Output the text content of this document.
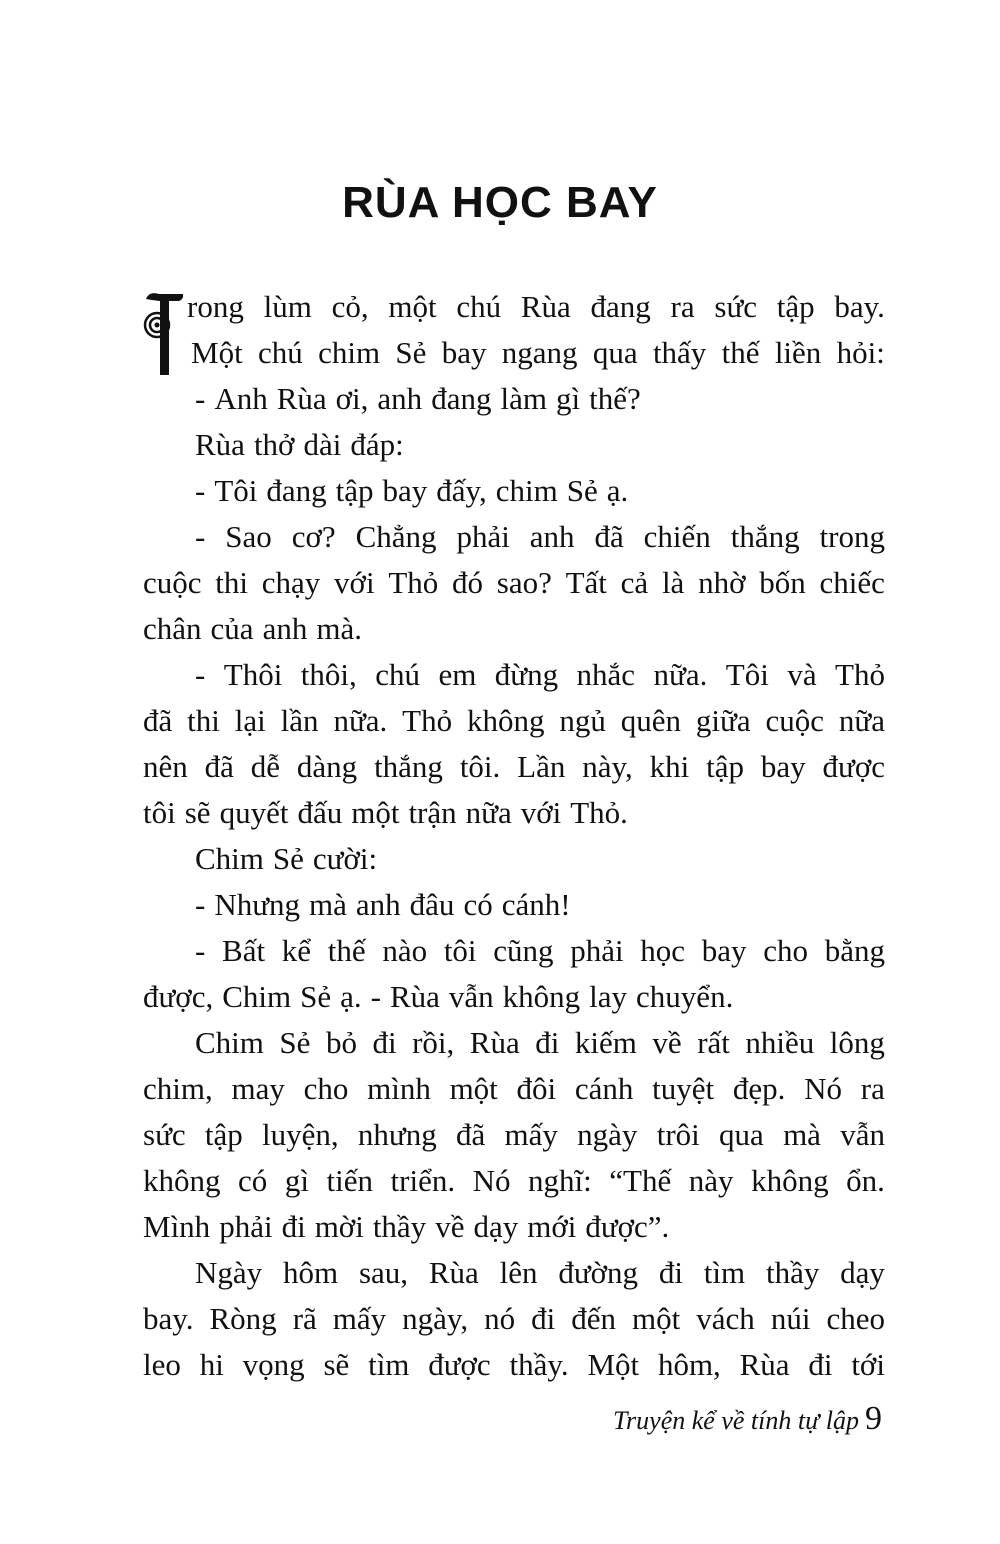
RÙA HỌC BAY
rong lùm cỏ, một chú Rùa đang ra sức tập bay.
Một chú chim Sẻ bay ngang qua thấy thế liền hỏi:
- Anh Rùa ơi, anh đang làm gì thế?
Rùa thở dài đáp:
- Tôi đang tập bay đấy, chim Sẻ ạ.
- Sao cơ? Chẳng phải anh đã chiến thắng trong
cuộc thi chạy với Thỏ đó sao? Tất cả là nhờ bốn chiếc
chân của anh mà.
- Thôi thôi, chú em đừng nhắc nữa. Tôi và Thỏ
đã thi lại lần nữa. Thỏ không ngủ quên giữa cuộc nữa
nên đã dễ dàng thắng tôi. Lần này, khi tập bay được
tôi sẽ quyết đấu một trận nữa với Thỏ.
Chim Sẻ cười:
- Nhưng mà anh đâu có cánh!
- Bất kể thế nào tôi cũng phải học bay cho bằng
được, Chim Sẻ ạ. - Rùa vẫn không lay chuyển.
Chim Sẻ bỏ đi rồi, Rùa đi kiếm về rất nhiều lông
chim, may cho mình một đôi cánh tuyệt đẹp. Nó ra
sức tập luyện, nhưng đã mấy ngày trôi qua mà vẫn
không có gì tiến triển. Nó nghĩ: “Thế này không ổn.
Mình phải đi mời thầy về dạy mới được”.
Ngày hôm sau, Rùa lên đường đi tìm thầy dạy
bay. Ròng rã mấy ngày, nó đi đến một vách núi cheo
leo hi vọng sẽ tìm được thầy. Một hôm, Rùa đi tới
Truyện kể về tính tự lập 9
